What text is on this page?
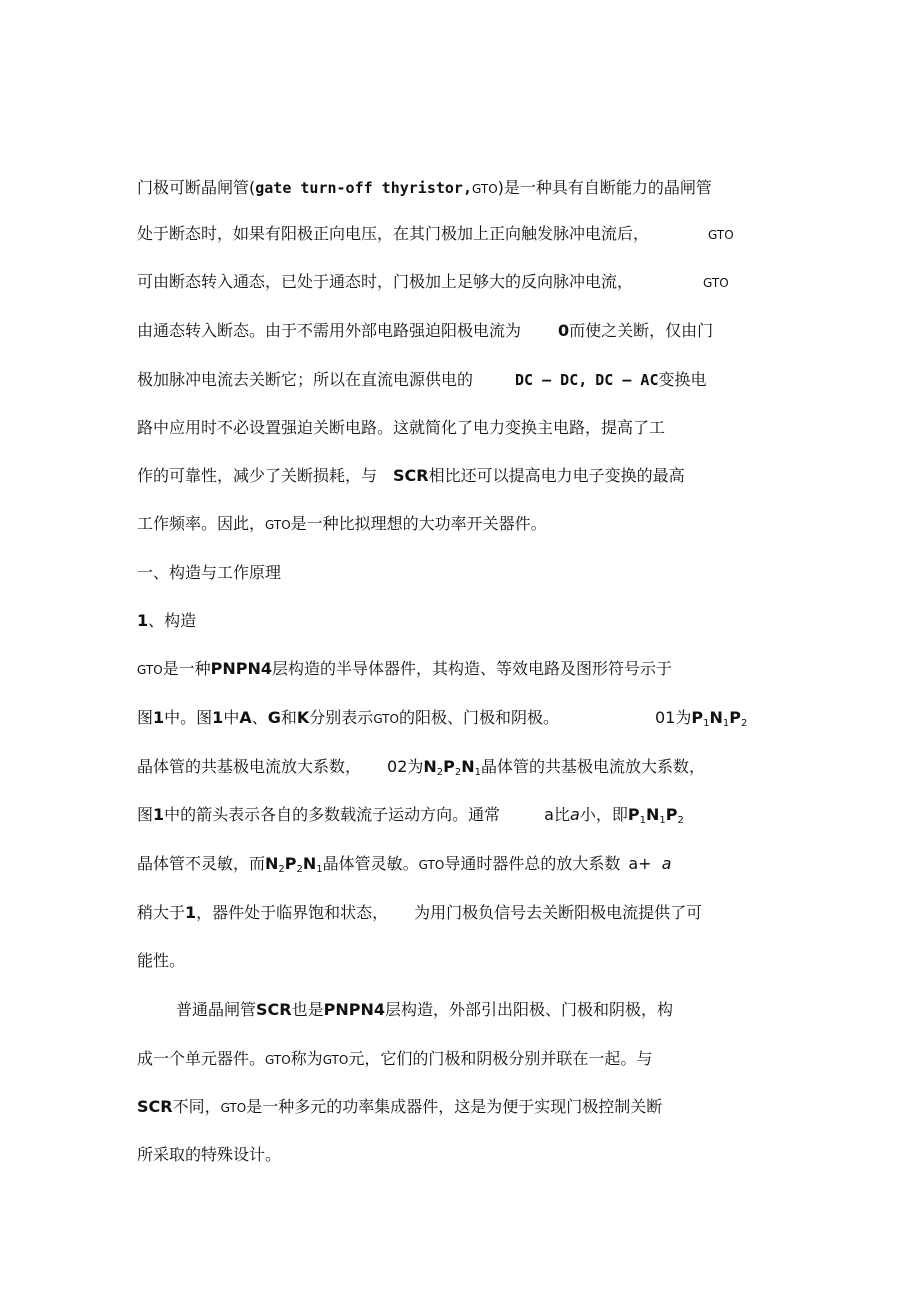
门极可断晶闸管(gate turn-off thyristor,GTO)是一种具有自断能力的晶闸管
处于断态时，如果有阳极正向电压，在其门极加上正向触发脉冲电流后，	GTO
可由断态转入通态，已处于通态时，门极加上足够大的反向脉冲电流，	GTO
由通态转入断态。由于不需用外部电路强迫阳极电流为 0而使之关断，仅由门
极加脉冲电流去关断它；所以在直流电源供电的	DC — DC, DC — AC变换电
路中应用时不必设置强迫关断电路。这就简化了电力变换主电路，提高了工
作的可靠性，减少了关断损耗，与 SCR相比还可以提高电力电子变换的最高
工作频率。因此，GTO是一种比拟理想的大功率开关器件。
一、构造与工作原理
1、构造
GTO是一种PNPN4层构造的半导体器件，其构造、等效电路及图形符号示于
图1中。图1中A、G和K分别表示GTO的阳极、门极和阴极。	01为$P_1N_1P_2$
晶体管的共基极电流放大系数， 02为$N_2P_2N_1$晶体管的共基极电流放大系数，
图1中的箭头表示各自的多数载流子运动方向。通常	a比a小，即$P_1N_1P_2$
晶体管不灵敏，而$N_2P_2N_1$晶体管灵敏。GTO导通时器件总的放大系数 a+ a
稍大于1，器件处于临界饱和状态， 为用门极负信号去关断阳极电流提供了可
能性。
普通晶闸管SCR也是PNPN4层构造，外部引出阳极、门极和阴极，构
成一个单元器件。GTO称为GTO元，它们的门极和阴极分别并联在一起。与
SCR不同，GTO是一种多元的功率集成器件，这是为便于实现门极控制关断
所采取的特殊设计。
